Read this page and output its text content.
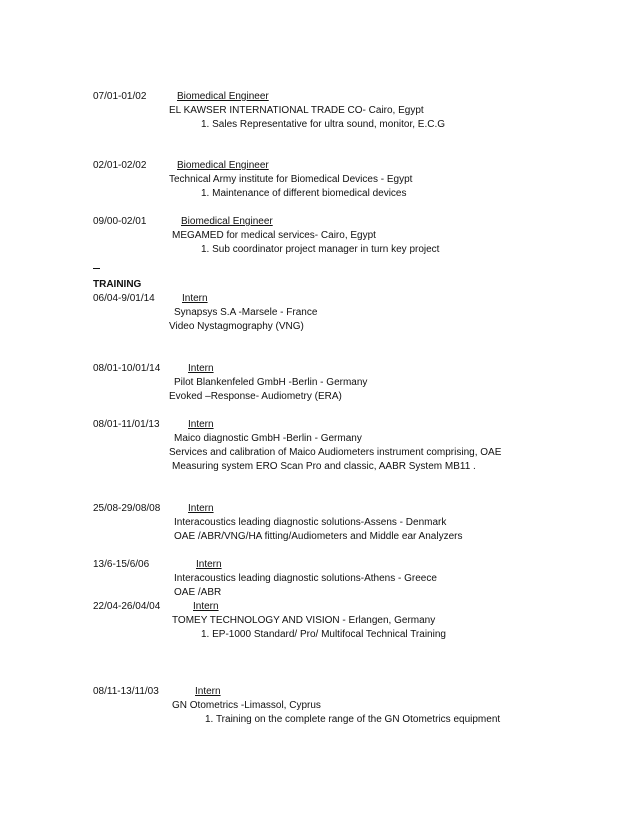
07/01-01/02	Biomedical Engineer
EL KAWSER INTERNATIONAL TRADE CO- Cairo, Egypt
1. Sales Representative for ultra sound, monitor, E.C.G
02/01-02/02	Biomedical Engineer
Technical Army institute for Biomedical Devices - Egypt
1. Maintenance of different biomedical devices
09/00-02/01	Biomedical Engineer
MEGAMED for medical services- Cairo, Egypt
1. Sub coordinator project manager in turn key project
TRAINING
06/04-9/01/14	Intern
Synapsys S.A -Marsele - France
Video Nystagmography (VNG)
08/01-10/01/14	Intern
Pilot Blankenfeled GmbH -Berlin - Germany
Evoked –Response- Audiometry (ERA)
08/01-11/01/13	Intern
Maico diagnostic GmbH -Berlin - Germany
Services and calibration of Maico Audiometers instrument comprising, OAE
Measuring system ERO Scan Pro and classic, AABR System MB11 .
25/08-29/08/08	Intern
Interacoustics leading diagnostic solutions-Assens - Denmark
OAE /ABR/VNG/HA fitting/Audiometers and Middle ear Analyzers
13/6-15/6/06	Intern
Interacoustics leading diagnostic solutions-Athens - Greece
OAE /ABR
22/04-26/04/04	Intern
TOMEY TECHNOLOGY AND VISION - Erlangen, Germany
1. EP-1000 Standard/ Pro/ Multifocal Technical Training
08/11-13/11/03	Intern
GN Otometrics -Limassol, Cyprus
1. Training on the complete range of the GN Otometrics equipment
